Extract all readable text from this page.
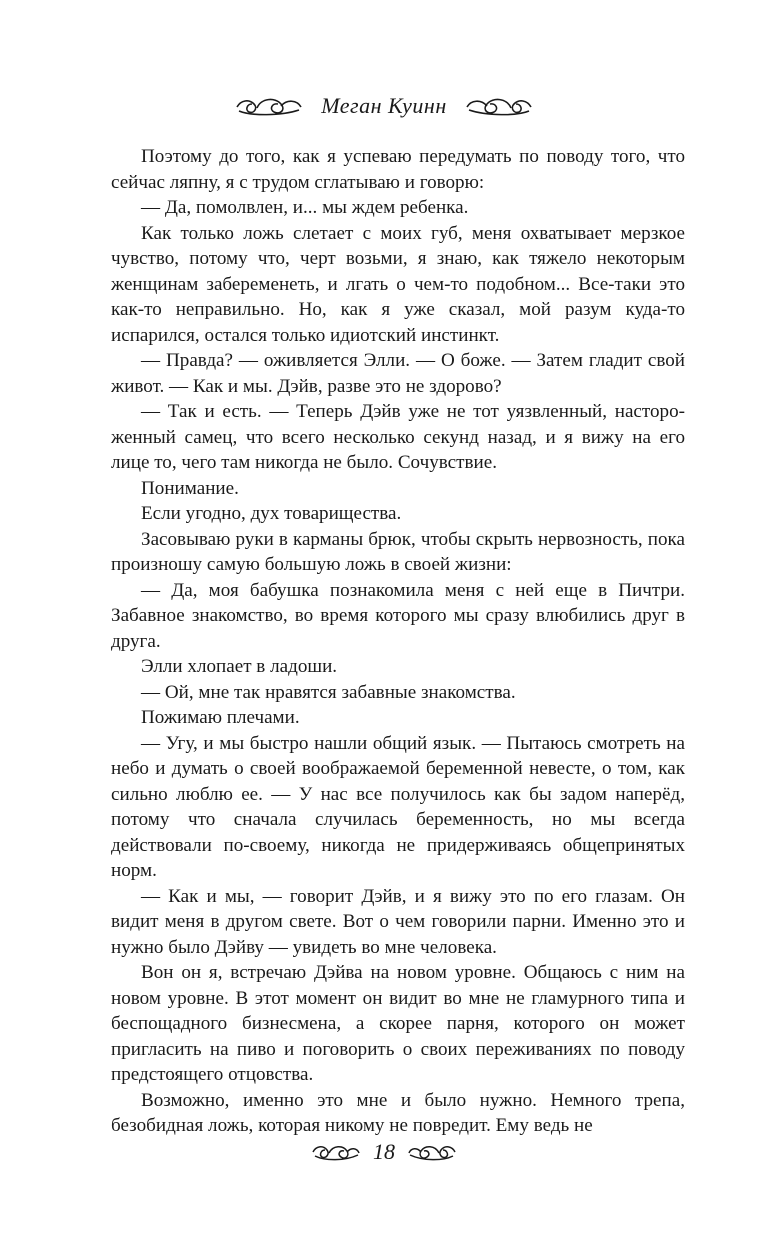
Меган Куинн

Поэтому до того, как я успеваю передумать по поводу того, что сейчас ляпну, я с трудом сглатываю и говорю:

— Да, помолвлен, и... мы ждем ребенка.

Как только ложь слетает с моих губ, меня охватывает мерзкое чувство, потому что, черт возьми, я знаю, как тяжело некоторым женщинам забеременеть, и лгать о чем-то подобном... Все-таки это как-то неправильно. Но, как я уже сказал, мой разум куда-то испарился, остался только идиотский инстинкт.

— Правда? — оживляется Элли. — О боже. — Затем гладит свой живот. — Как и мы. Дэйв, разве это не здорово?

— Так и есть. — Теперь Дэйв уже не тот уязвленный, настороженный самец, что всего несколько секунд назад, и я вижу на его лице то, чего там никогда не было. Сочувствие.

Понимание.

Если угодно, дух товарищества.

Засовываю руки в карманы брюк, чтобы скрыть нервозность, пока произношу самую большую ложь в своей жизни:

— Да, моя бабушка познакомила меня с ней еще в Пичтри. Забавное знакомство, во время которого мы сразу влюбились друг в друга.

Элли хлопает в ладоши.

— Ой, мне так нравятся забавные знакомства.

Пожимаю плечами.

— Угу, и мы быстро нашли общий язык. — Пытаюсь смотреть на небо и думать о своей воображаемой беременной невесте, о том, как сильно люблю ее. — У нас все получилось как бы задом наперёд, потому что сначала случилась беременность, но мы всегда действовали по-своему, никогда не придерживаясь общепринятых норм.

— Как и мы, — говорит Дэйв, и я вижу это по его глазам. Он видит меня в другом свете. Вот о чем говорили парни. Именно это и нужно было Дэйву — увидеть во мне человека.

Вон он я, встречаю Дэйва на новом уровне. Общаюсь с ним на новом уровне. В этот момент он видит во мне не гламурного типа и беспощадного бизнесмена, а скорее парня, которого он может пригласить на пиво и поговорить о своих переживаниях по поводу предстоящего отцовства.

Возможно, именно это мне и было нужно. Немного трепа, безобидная ложь, которая никому не повредит. Ему ведь не

18
